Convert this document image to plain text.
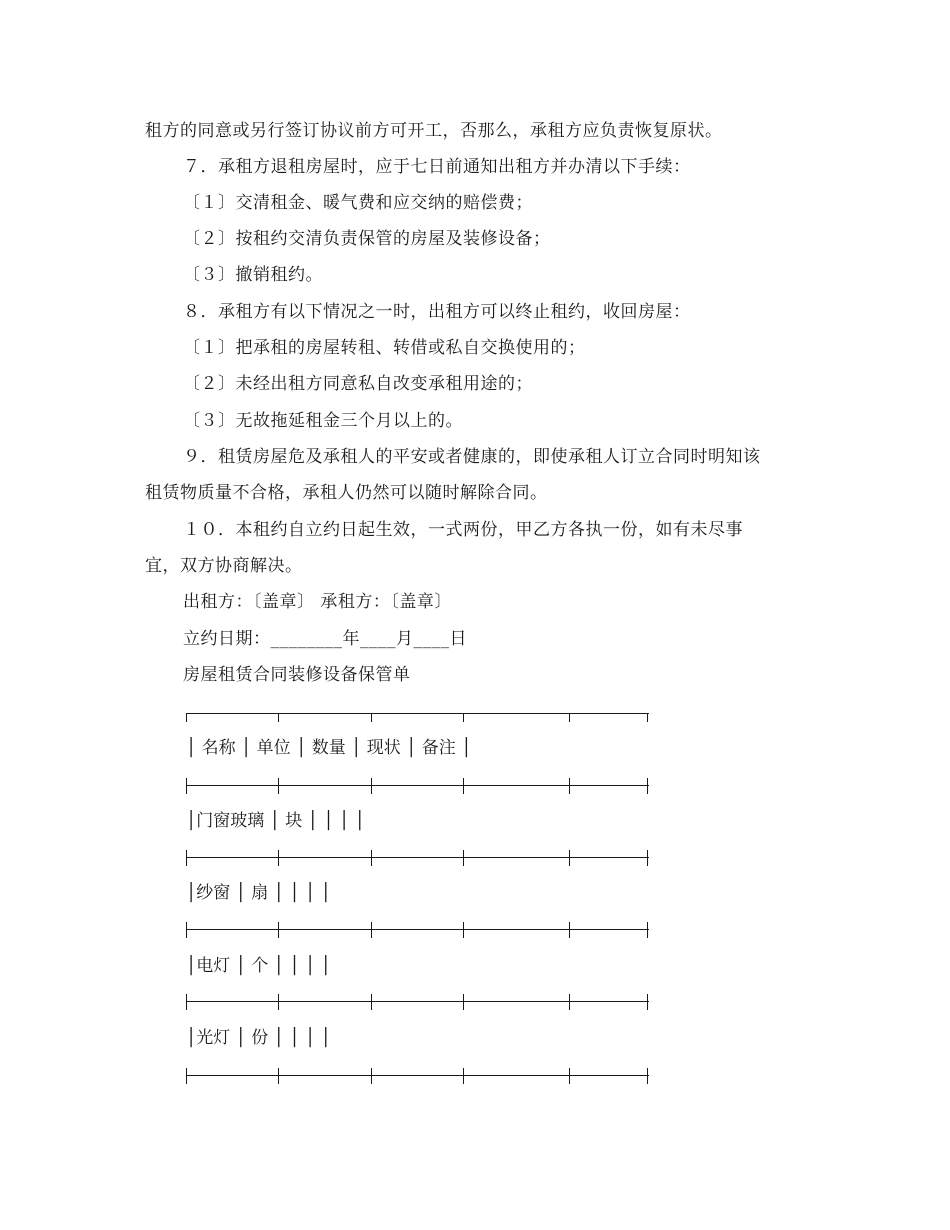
租方的同意或另行签订协议前方可开工，否那么，承租方应负责恢复原状。
７．承租方退租房屋时，应于七日前通知出租方并办清以下手续：
〔１〕交清租金、暖气费和应交纳的赔偿费；
〔２〕按租约交清负责保管的房屋及装修设备；
〔３〕撤销租约。
８．承租方有以下情况之一时，出租方可以终止租约，收回房屋：
〔１〕把承租的房屋转租、转借或私自交换使用的；
〔２〕未经出租方同意私自改变承租用途的；
〔３〕无故拖延租金三个月以上的。
９．租赁房屋危及承租人的平安或者健康的，即使承租人订立合同时明知该
租赁物质量不合格，承租人仍然可以随时解除合同。
１０．本租约自立约日起生效，一式两份，甲乙方各执一份，如有未尽事
宜，双方协商解决。
出租方：〔盖章〕 承租方：〔盖章〕
立约日期：________年____月____日
房屋租赁合同装修设备保管单
│ 名称 │ 单位 │ 数量 │ 现状 │ 备注 │
│门窗玻璃 │ 块 │ │ │ │
│纱窗 │ 扇 │ │ │ │
│电灯 │ 个 │ │ │ │
│光灯 │ 份 │ │ │ │
